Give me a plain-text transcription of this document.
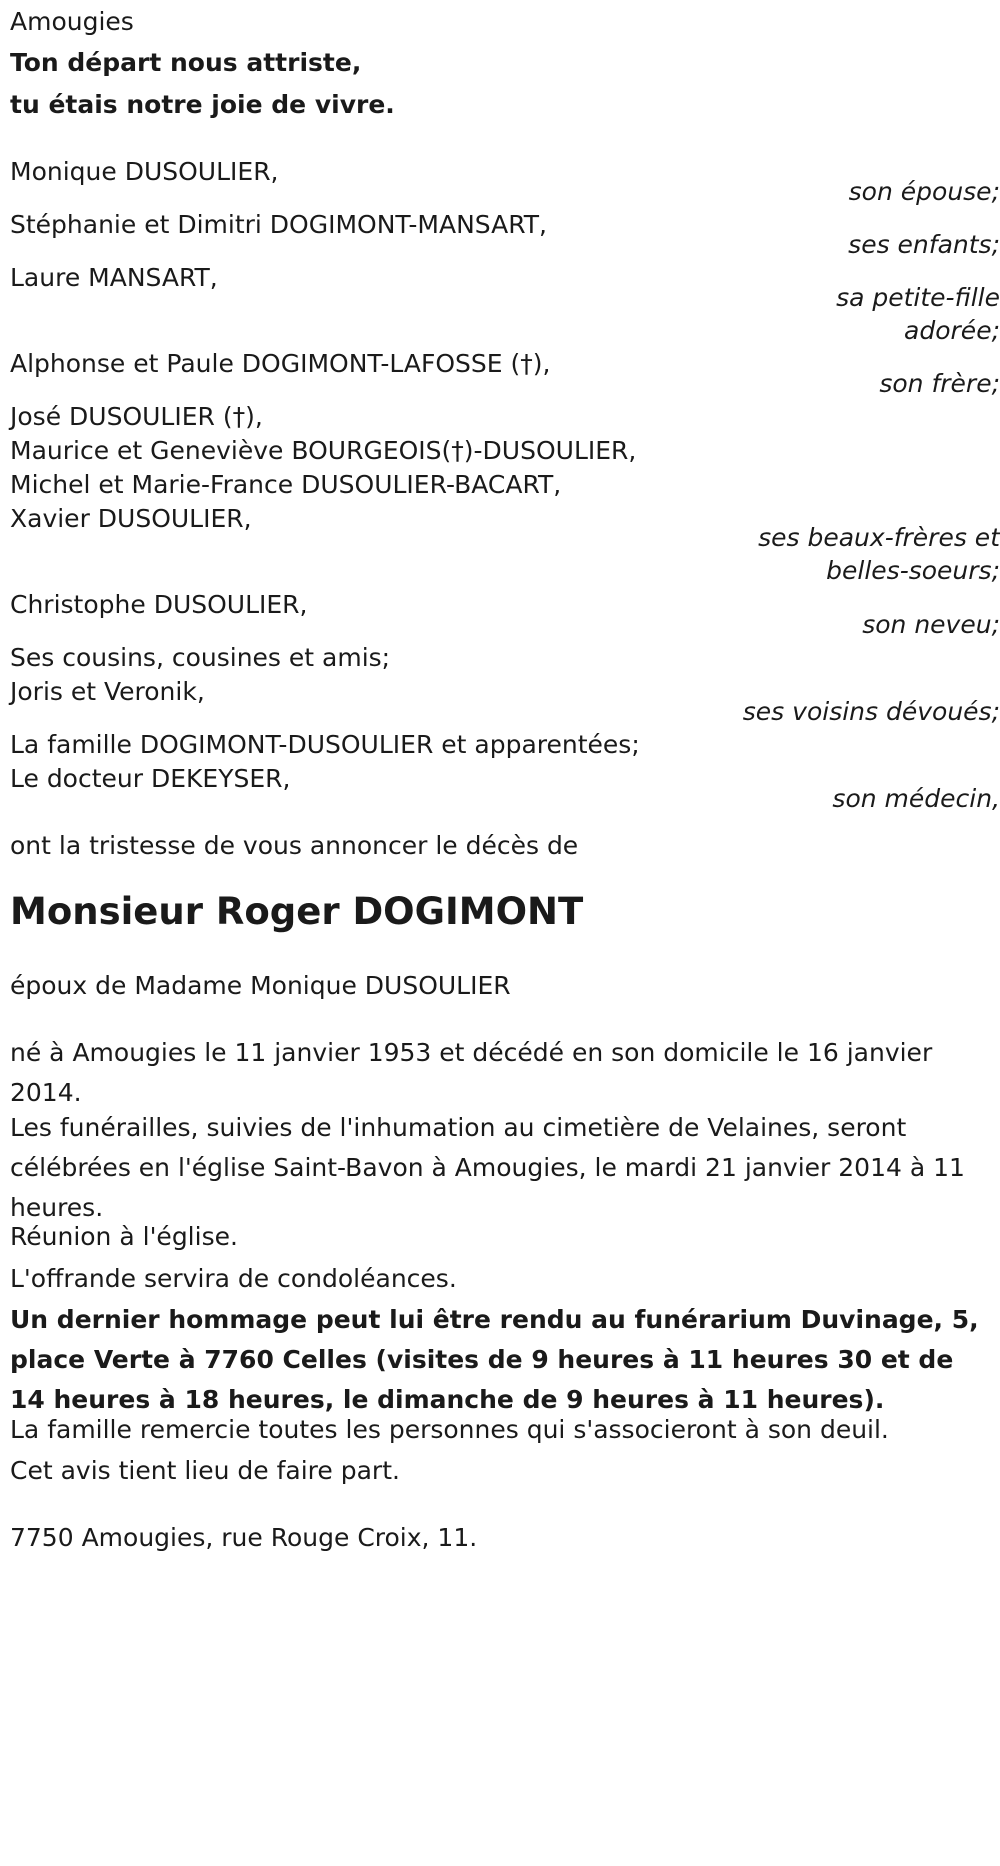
Amougies
Ton départ nous attriste,
tu étais notre joie de vivre.
Monique DUSOULIER,
son épouse;
Stéphanie et Dimitri DOGIMONT-MANSART,
ses enfants;
Laure MANSART,
sa petite-fille
adorée;
Alphonse et Paule DOGIMONT-LAFOSSE (†),
son frère;
José DUSOULIER (†),
Maurice et Geneviève BOURGEOIS(†)-DUSOULIER,
Michel et Marie-France DUSOULIER-BACART,
Xavier DUSOULIER,
ses beaux-frères et
belles-soeurs;
Christophe DUSOULIER,
son neveu;
Ses cousins, cousines et amis;
Joris et Veronik,
ses voisins dévoués;
La famille DOGIMONT-DUSOULIER et apparentées;
Le docteur DEKEYSER,
son médecin,
ont la tristesse de vous annoncer le décès de
Monsieur Roger DOGIMONT
époux de Madame Monique DUSOULIER
né à Amougies le 11 janvier 1953 et décédé en son domicile le 16 janvier 2014.
Les funérailles, suivies de l'inhumation au cimetière de Velaines, seront célébrées en l'église Saint-Bavon à Amougies, le mardi 21 janvier 2014 à 11 heures.
Réunion à l'église.
L'offrande servira de condoléances.
Un dernier hommage peut lui être rendu au funérarium Duvinage, 5, place Verte à 7760 Celles (visites de 9 heures à 11 heures 30 et de 14 heures à 18 heures, le dimanche de 9 heures à 11 heures).
La famille remercie toutes les personnes qui s'associeront à son deuil.
Cet avis tient lieu de faire part.
7750 Amougies, rue Rouge Croix, 11.
